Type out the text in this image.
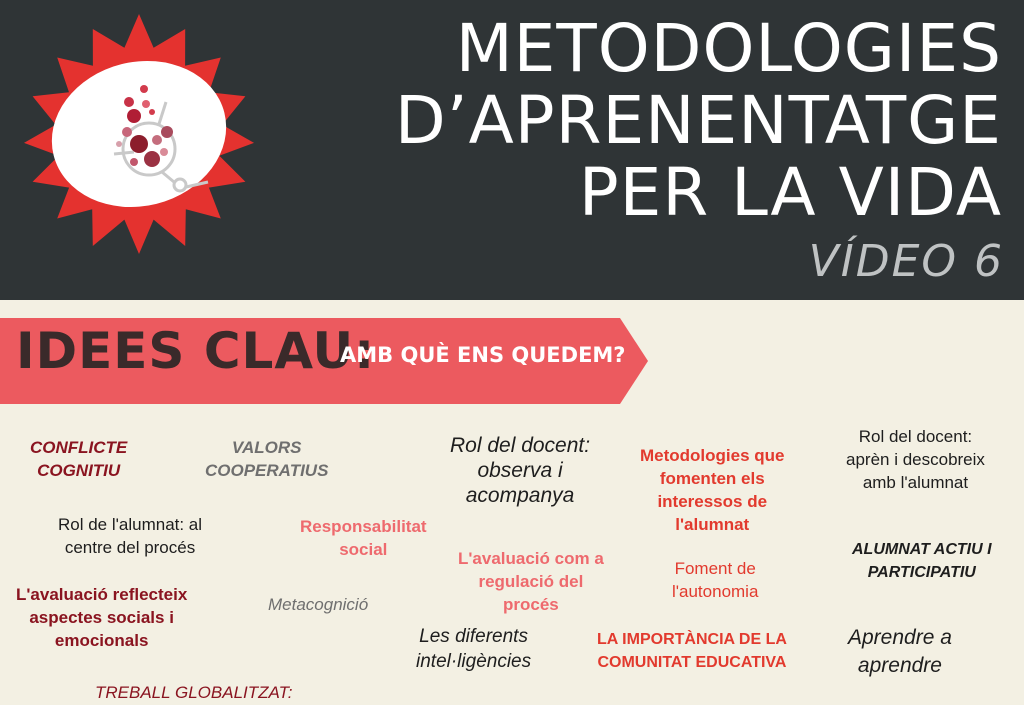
METODOLOGIES
D’APRENENTATGE
PER LA VIDA
VÍDEO 6
IDEES CLAU:
AMB QUÈ ENS QUEDEM?
CONFLICTE
COGNITIU
VALORS
COOPERATIUS
Rol del docent:
observa i
acompanya
Metodologies que
fomenten els
interessos de
l'alumnat
Rol del docent:
aprèn i descobreix
amb l'alumnat
Rol de l'alumnat: al
centre del procés
Responsabilitat
social	L'avaluació com a
regulació del
procés
Foment de
l'autonomia
ALUMNAT ACTIU I
PARTICIPATIU
L'avaluació reflecteix
aspectes socials i
emocionals
Metacognició
Les diferents
intel·ligències
LA IMPORTÀNCIA DE LA
COMUNITAT EDUCATIVA
Aprendre a
aprendre
TREBALL GLOBALITZAT:
